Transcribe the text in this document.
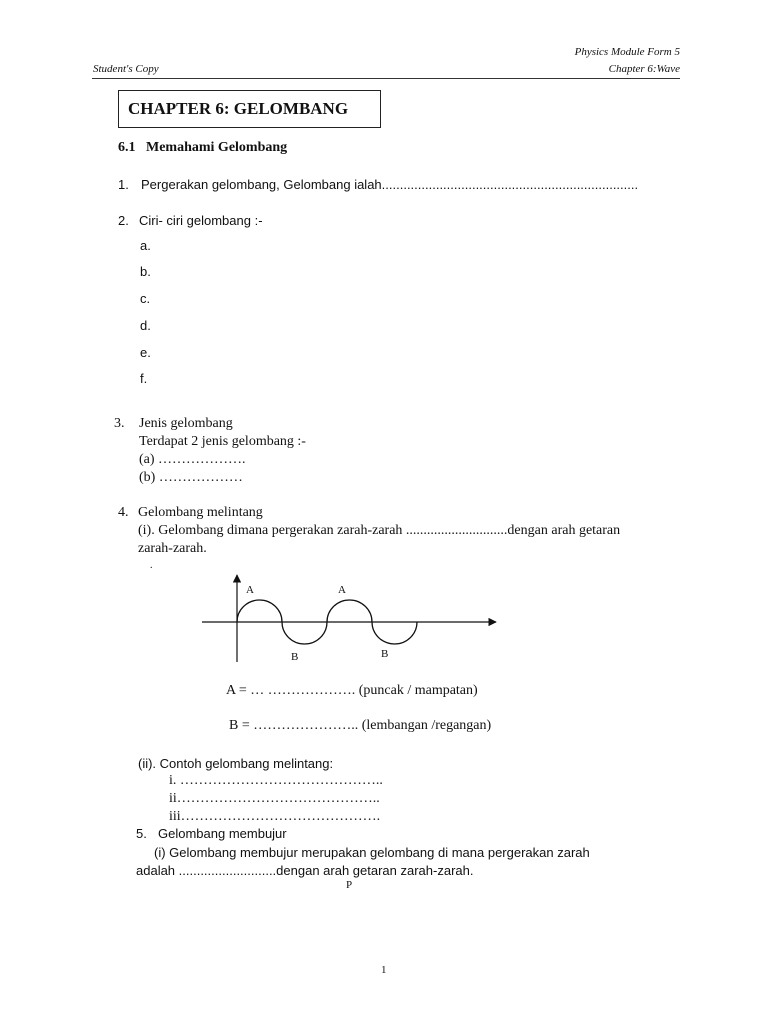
Physics Module Form 5
Student's Copy	Chapter 6:Wave
CHAPTER 6: GELOMBANG
6.1 Memahami Gelombang
1. Pergerakan gelombang, Gelombang ialah.......................................................................
2. Ciri- ciri gelombang :-
a.
b.
c.
d.
e.
f.
3. Jenis gelombang
Terdapat 2 jenis gelombang :-
(a) ……………….
(b) ………………
4. Gelombang melintang
(i). Gelombang dimana pergerakan zarah-zarah .............................dengan arah getaran
zarah-zarah.
.
A	A
B	B
A = … ………………. (puncak / mampatan)
B = ………………….. (lembangan /regangan)
(ii). Contoh gelombang melintang:
i. ……………………………………..
ii……………………………………..
iii…………………………………….
5. Gelombang membujur
(i) Gelombang membujur merupakan gelombang di mana pergerakan zarah
adalah ...........................dengan arah getaran zarah-zarah.
P
1
